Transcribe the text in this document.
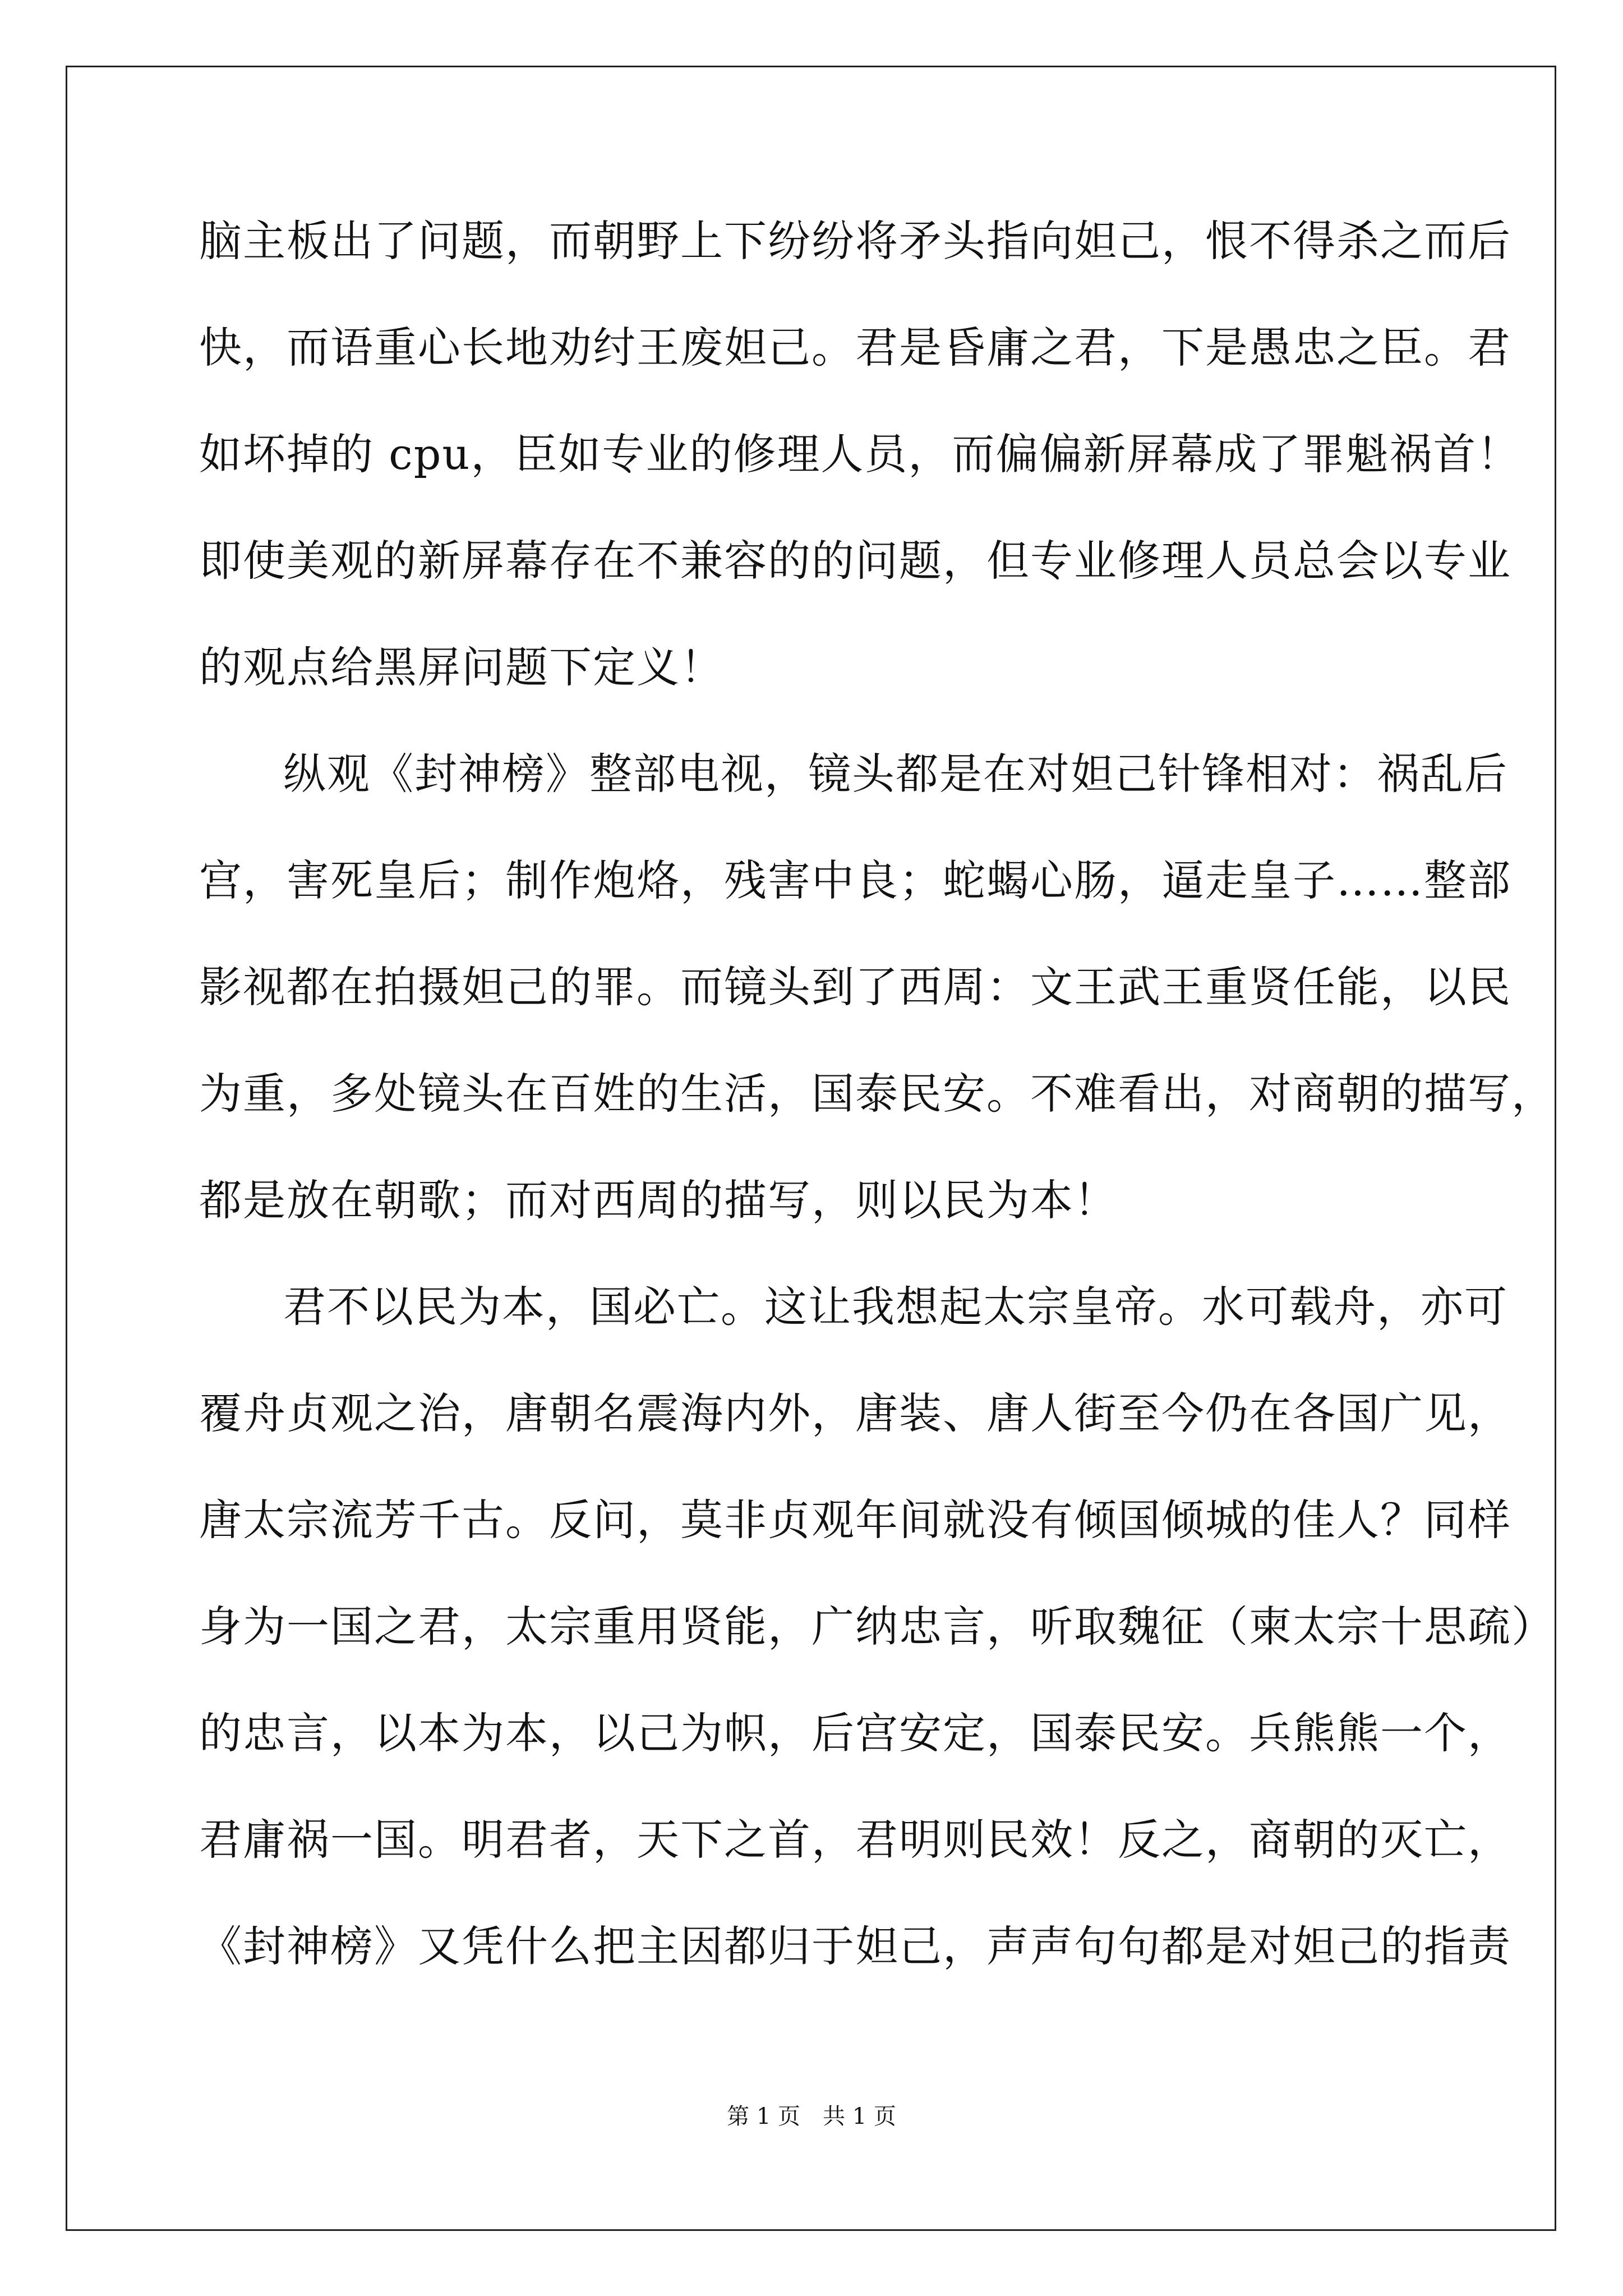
脑主板出了问题，而朝野上下纷纷将矛头指向妲己，恨不得杀之而后
快，而语重心长地劝纣王废妲己。君是昏庸之君，下是愚忠之臣。君
如坏掉的 cpu，臣如专业的修理人员，而偏偏新屏幕成了罪魁祸首！
即使美观的新屏幕存在不兼容的的问题，但专业修理人员总会以专业
的观点给黑屏问题下定义！
纵观《封神榜》整部电视，镜头都是在对妲己针锋相对：祸乱后
宫，害死皇后；制作炮烙，残害中良；蛇蝎心肠，逼走皇子……整部
影视都在拍摄妲己的罪。而镜头到了西周：文王武王重贤任能，以民
为重，多处镜头在百姓的生活，国泰民安。不难看出，对商朝的描写，
都是放在朝歌；而对西周的描写，则以民为本！
君不以民为本，国必亡。这让我想起太宗皇帝。水可载舟，亦可
覆舟贞观之治，唐朝名震海内外，唐装、唐人街至今仍在各国广见，
唐太宗流芳千古。反问，莫非贞观年间就没有倾国倾城的佳人？同样
身为一国之君，太宗重用贤能，广纳忠言，听取魏征（柬太宗十思疏）
的忠言，以本为本，以己为帜，后宫安定，国泰民安。兵熊熊一个，
君庸祸一国。明君者，天下之首，君明则民效！反之，商朝的灭亡，
《封神榜》又凭什么把主因都归于妲己，声声句句都是对妲己的指责
第 1 页　共 1 页
